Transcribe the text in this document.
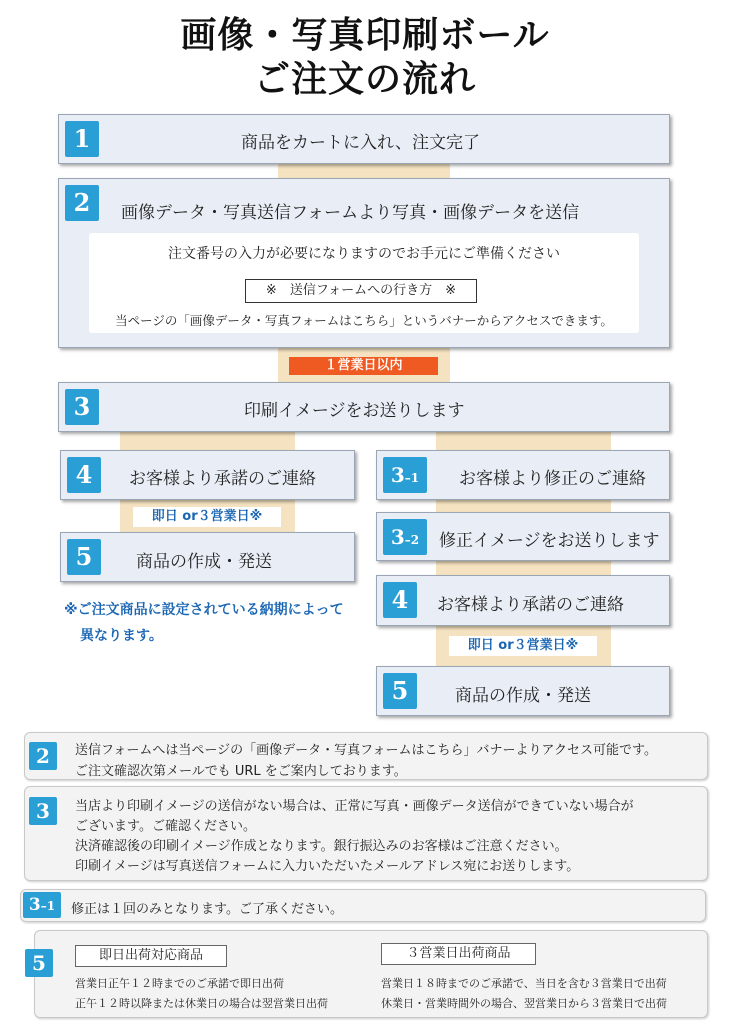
画像・写真印刷ボール
ご注文の流れ
1	商品をカートに入れ、注文完了
2	画像データ・写真送信フォームより写真・画像データを送信
注文番号の入力が必要になりますのでお手元にご準備ください
※　送信フォームへの行き方　※
当ページの「画像データ・写真フォームはこちら」というバナーからアクセスできます。
１営業日以内
3	印刷イメージをお送りします
4	お客様より承諾のご連絡
即日 or３営業日※
5	商品の作成・発送
※ご注文商品に設定されている納期によって
異なります。
3–1	お客様より修正のご連絡
3–2	修正イメージをお送りします
4	お客様より承諾のご連絡
即日 or３営業日※
5	商品の作成・発送
2	送信フォームへは当ページの「画像データ・写真フォームはこちら」バナーよりアクセス可能です。
ご注文確認次第メールでも URL をご案内しております。
3	当店より印刷イメージの送信がない場合は、正常に写真・画像データ送信ができていない場合が
ございます。ご確認ください。
決済確認後の印刷イメージ作成となります。銀行振込みのお客様はご注意ください。
印刷イメージは写真送信フォームに入力いただいたメールアドレス宛にお送りします。
3–1	修正は１回のみとなります。ご了承ください。
5	即日出荷対応商品
営業日正午１２時までのご承諾で即日出荷
正午１２時以降または休業日の場合は翌営業日出荷
３営業日出荷商品
営業日１８時までのご承諾で、当日を含む３営業日で出荷
休業日・営業時間外の場合、翌営業日から３営業日で出荷
